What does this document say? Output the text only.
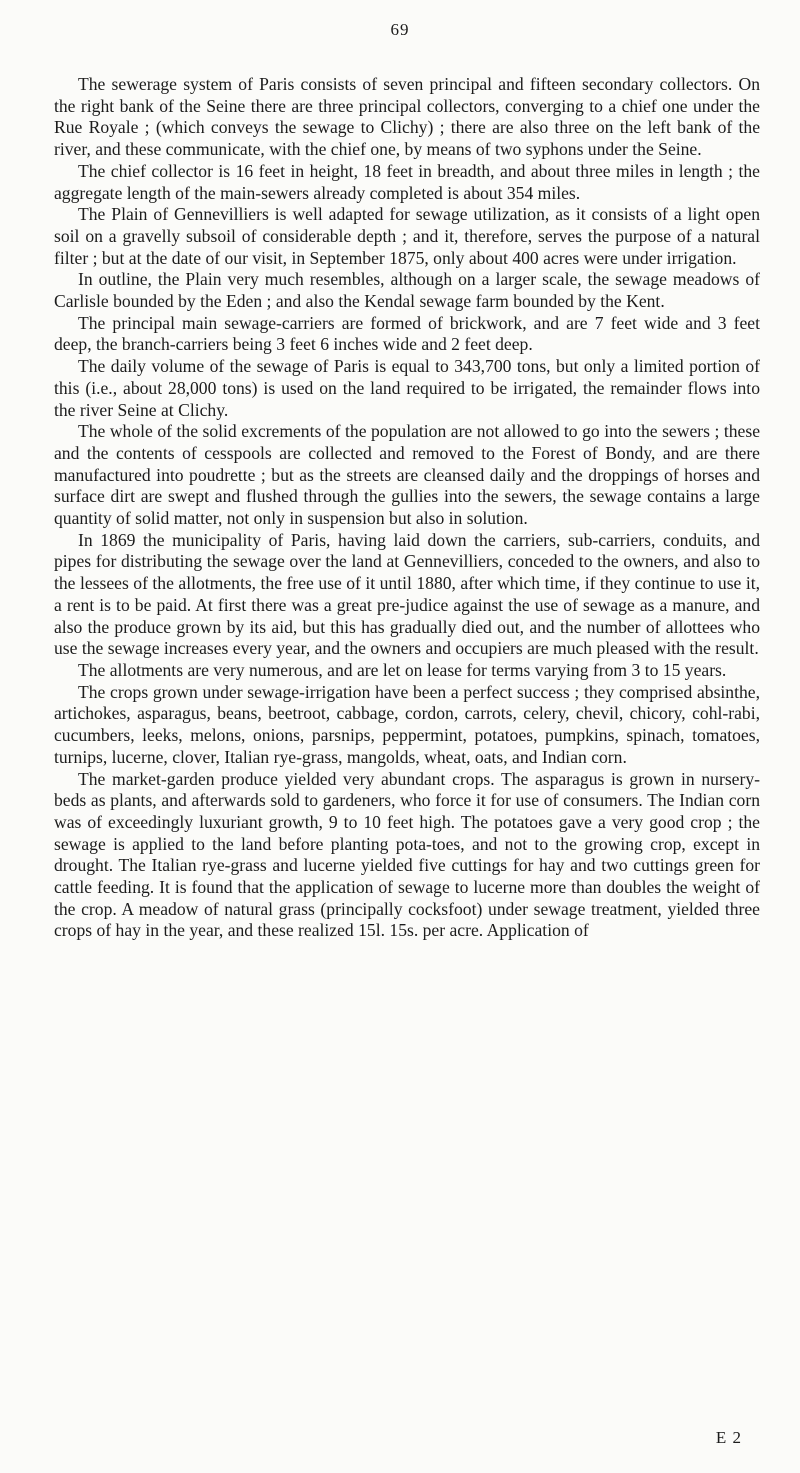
69

The sewerage system of Paris consists of seven principal and fifteen secondary collectors. On the right bank of the Seine there are three principal collectors, converging to a chief one under the Rue Royale ; (which conveys the sewage to Clichy) ; there are also three on the left bank of the river, and these communicate, with the chief one, by means of two syphons under the Seine.

The chief collector is 16 feet in height, 18 feet in breadth, and about three miles in length ; the aggregate length of the main-sewers already completed is about 354 miles.

The Plain of Gennevilliers is well adapted for sewage utilization, as it consists of a light open soil on a gravelly subsoil of considerable depth ; and it, therefore, serves the purpose of a natural filter ; but at the date of our visit, in September 1875, only about 400 acres were under irrigation.

In outline, the Plain very much resembles, although on a larger scale, the sewage meadows of Carlisle bounded by the Eden ; and also the Kendal sewage farm bounded by the Kent.

The principal main sewage-carriers are formed of brickwork, and are 7 feet wide and 3 feet deep, the branch-carriers being 3 feet 6 inches wide and 2 feet deep.

The daily volume of the sewage of Paris is equal to 343,700 tons, but only a limited portion of this (i.e., about 28,000 tons) is used on the land required to be irrigated, the remainder flows into the river Seine at Clichy.

The whole of the solid excrements of the population are not allowed to go into the sewers ; these and the contents of cesspools are collected and removed to the Forest of Bondy, and are there manufactured into poudrette ; but as the streets are cleansed daily and the droppings of horses and surface dirt are swept and flushed through the gullies into the sewers, the sewage contains a large quantity of solid matter, not only in suspension but also in solution.

In 1869 the municipality of Paris, having laid down the carriers, sub-carriers, conduits, and pipes for distributing the sewage over the land at Gennevilliers, conceded to the owners, and also to the lessees of the allotments, the free use of it until 1880, after which time, if they continue to use it, a rent is to be paid. At first there was a great pre-judice against the use of sewage as a manure, and also the produce grown by its aid, but this has gradually died out, and the number of allottees who use the sewage increases every year, and the owners and occupiers are much pleased with the result.

The allotments are very numerous, and are let on lease for terms varying from 3 to 15 years.

The crops grown under sewage-irrigation have been a perfect success ; they comprised absinthe, artichokes, asparagus, beans, beetroot, cabbage, cordon, carrots, celery, chevil, chicory, cohl-rabi, cucumbers, leeks, melons, onions, parsnips, peppermint, potatoes, pumpkins, spinach, tomatoes, turnips, lucerne, clover, Italian rye-grass, mangolds, wheat, oats, and Indian corn.

The market-garden produce yielded very abundant crops. The asparagus is grown in nursery-beds as plants, and afterwards sold to gardeners, who force it for use of consumers. The Indian corn was of exceedingly luxuriant growth, 9 to 10 feet high. The potatoes gave a very good crop ; the sewage is applied to the land before planting pota-toes, and not to the growing crop, except in drought. The Italian rye-grass and lucerne yielded five cuttings for hay and two cuttings green for cattle feeding. It is found that the application of sewage to lucerne more than doubles the weight of the crop. A meadow of natural grass (principally cocksfoot) under sewage treatment, yielded three crops of hay in the year, and these realized 15l. 15s. per acre. Application of

E 2
